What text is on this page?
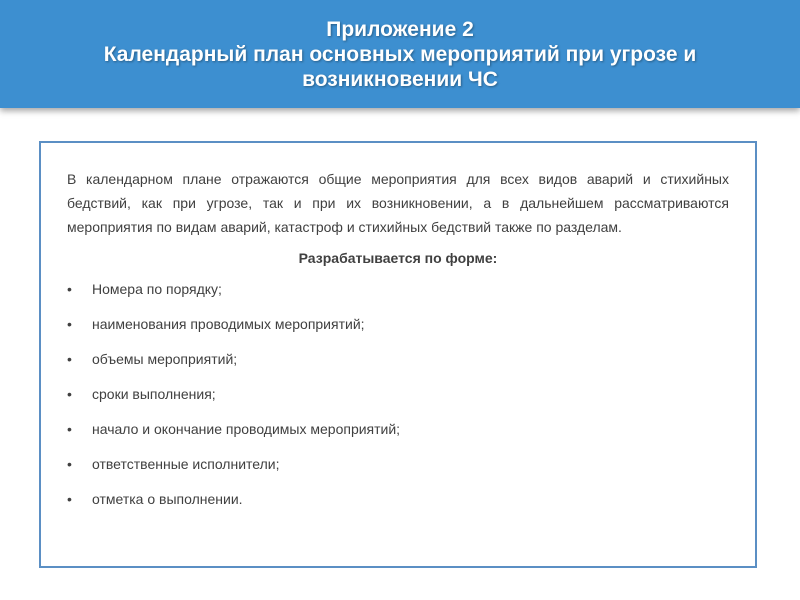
Приложение 2
Календарный план основных мероприятий при угрозе и
возникновении ЧС

В календарном плане отражаются общие мероприятия для всех видов аварий и стихийных бедствий, как при угрозе, так и при их возникновении, а в дальнейшем рассматриваются мероприятия по видам аварий, катастроф и стихийных бедствий также по разделам.

Разрабатывается по форме:
• Номера по порядку;
• наименования проводимых мероприятий;
• объемы мероприятий;
• сроки выполнения;
• начало и окончание проводимых мероприятий;
• ответственные исполнители;
• отметка о выполнении.
